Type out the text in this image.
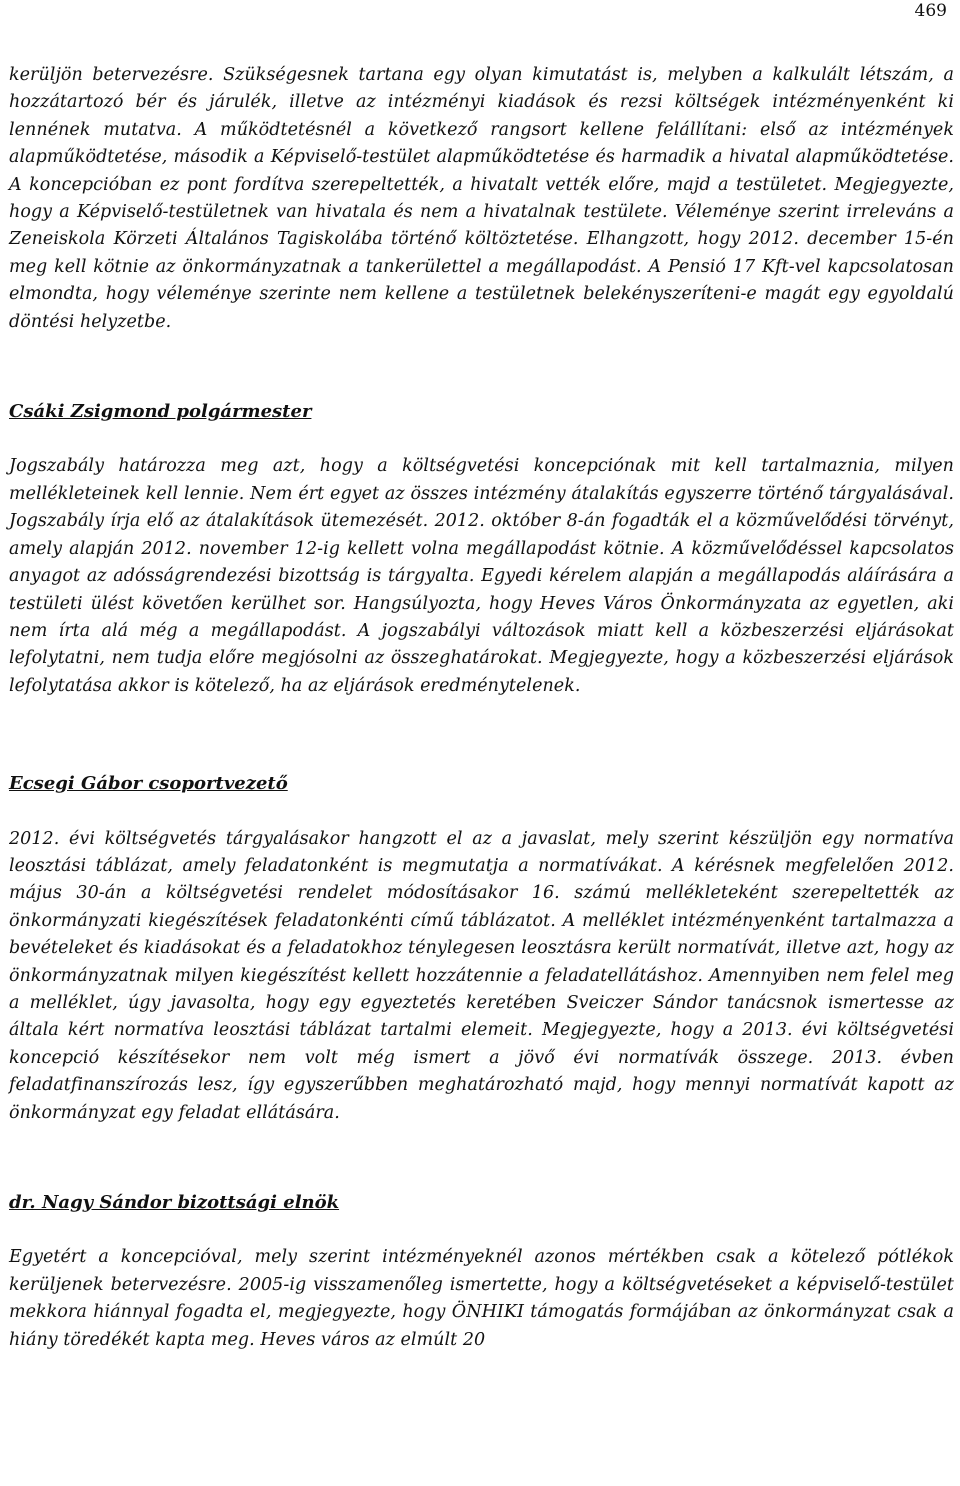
469

kerüljön betervezésre. Szükségesnek tartana egy olyan kimutatást is, melyben a kalkulált létszám, a hozzátartozó bér és járulék, illetve az intézményi kiadások és rezsi költségek intézményenként ki lennének mutatva. A működtetésnél a következő rangsort kellene felállítani: első az intézmények alapműködtetése, második a Képviselő-testület alapműködtetése és harmadik a hivatal alapműködtetése. A koncepcióban ez pont fordítva szerepeltették, a hivatalt vették előre, majd a testületet. Megjegyezte, hogy a Képviselő-testületnek van hivatala és nem a hivatalnak testülete. Véleménye szerint irreleváns a Zeneiskola Körzeti Általános Tagiskolába történő költöztetése. Elhangzott, hogy 2012. december 15-én meg kell kötnie az önkormányzatnak a tankerülettel a megállapodást. A Pensió 17 Kft-vel kapcsolatosan elmondta, hogy véleménye szerinte nem kellene a testületnek belekényszeríteni-e magát egy egyoldalú döntési helyzetbe.

Csáki Zsigmond polgármester

Jogszabály határozza meg azt, hogy a költségvetési koncepciónak mit kell tartalmaznia, milyen mellékleteinek kell lennie. Nem ért egyet az összes intézmény átalakítás egyszerre történő tárgyalásával. Jogszabály írja elő az átalakítások ütemezését. 2012. október 8-án fogadták el a közművelődési törvényt, amely alapján 2012. november 12-ig kellett volna megállapodást kötnie. A közművelődéssel kapcsolatos anyagot az adósságrendezési bizottság is tárgyalta. Egyedi kérelem alapján a megállapodás aláírására a testületi ülést követően kerülhet sor. Hangsúlyozta, hogy Heves Város Önkormányzata az egyetlen, aki nem írta alá még a megállapodást. A jogszabályi változások miatt kell a közbeszerzési eljárásokat lefolytatni, nem tudja előre megjósolni az összeghatárokat. Megjegyezte, hogy a közbeszerzési eljárások lefolytatása akkor is kötelező, ha az eljárások eredménytelenek.

Ecsegi Gábor csoportvezető

2012. évi költségvetés tárgyalásakor hangzott el az a javaslat, mely szerint készüljön egy normatíva leosztási táblázat, amely feladatonként is megmutatja a normatívákat. A kérésnek megfelelően 2012. május 30-án a költségvetési rendelet módosításakor 16. számú mellékleteként szerepeltették az önkormányzati kiegészítések feladatonkénti című táblázatot. A melléklet intézményenként tartalmazza a bevételeket és kiadásokat és a feladatokhoz ténylegesen leosztásra került normatívát, illetve azt, hogy az önkormányzatnak milyen kiegészítést kellett hozzátennie a feladatellátáshoz. Amennyiben nem felel meg a melléklet, úgy javasolta, hogy egy egyeztetés keretében Sveiczer Sándor tanácsnok ismertesse az általa kért normatíva leosztási táblázat tartalmi elemeit. Megjegyezte, hogy a 2013. évi költségvetési koncepció készítésekor nem volt még ismert a jövő évi normatívák összege. 2013. évben feladatfinanszírozás lesz, így egyszerűbben meghatározható majd, hogy mennyi normatívát kapott az önkormányzat egy feladat ellátására.

dr. Nagy Sándor bizottsági elnök

Egyetért a koncepcióval, mely szerint intézményeknél azonos mértékben csak a kötelező pótlékok kerüljenek betervezésre. 2005-ig visszamenőleg ismertette, hogy a költségvetéseket a képviselő-testület mekkora hiánnyal fogadta el, megjegyezte, hogy ÖNHIKI támogatás formájában az önkormányzat csak a hiány töredékét kapta meg. Heves város az elmúlt 20
